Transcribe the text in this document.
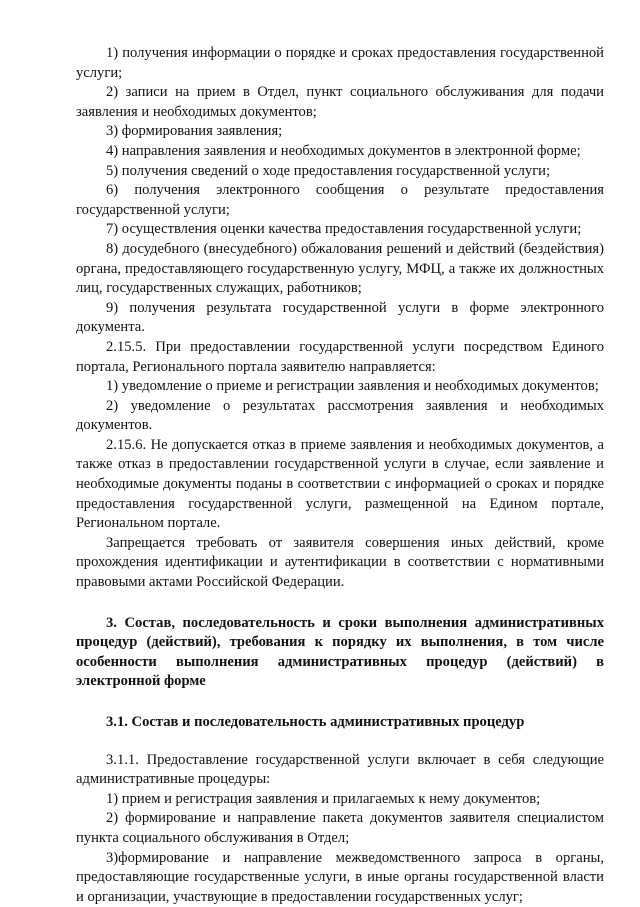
1) получения информации о порядке и сроках предоставления государственной услуги;

2) записи на прием в Отдел, пункт социального обслуживания для подачи заявления и необходимых документов;

3) формирования заявления;

4) направления заявления и необходимых документов в электронной форме;

5) получения сведений о ходе предоставления государственной услуги;

6) получения электронного сообщения о результате предоставления государственной услуги;

7) осуществления оценки качества предоставления государственной услуги;

8) досудебного (внесудебного) обжалования решений и действий (бездействия) органа, предоставляющего государственную услугу, МФЦ, а также их должностных лиц, государственных служащих, работников;

9) получения результата государственной услуги в форме электронного документа.

2.15.5. При предоставлении государственной услуги посредством Единого портала, Регионального портала заявителю направляется:

1) уведомление о приеме и регистрации заявления и необходимых документов;

2) уведомление о результатах рассмотрения заявления и необходимых документов.

2.15.6. Не допускается отказ в приеме заявления и необходимых документов, а также отказ в предоставлении государственной услуги в случае, если заявление и необходимые документы поданы в соответствии с информацией о сроках и порядке предоставления государственной услуги, размещенной на Едином портале, Региональном портале.

Запрещается требовать от заявителя совершения иных действий, кроме прохождения идентификации и аутентификации в соответствии с нормативными правовыми актами Российской Федерации.

3. Состав, последовательность и сроки выполнения административных процедур (действий), требования к порядку их выполнения, в том числе особенности выполнения административных процедур (действий) в электронной форме

3.1. Состав и последовательность административных процедур

3.1.1. Предоставление государственной услуги включает в себя следующие административные процедуры:

1) прием и регистрация заявления и прилагаемых к нему документов;

2) формирование и направление пакета документов заявителя специалистом пункта социального обслуживания в Отдел;

3)формирование и направление межведомственного запроса в органы, предоставляющие государственные услуги, в иные органы государственной власти и организации, участвующие в предоставлении государственных услуг;
